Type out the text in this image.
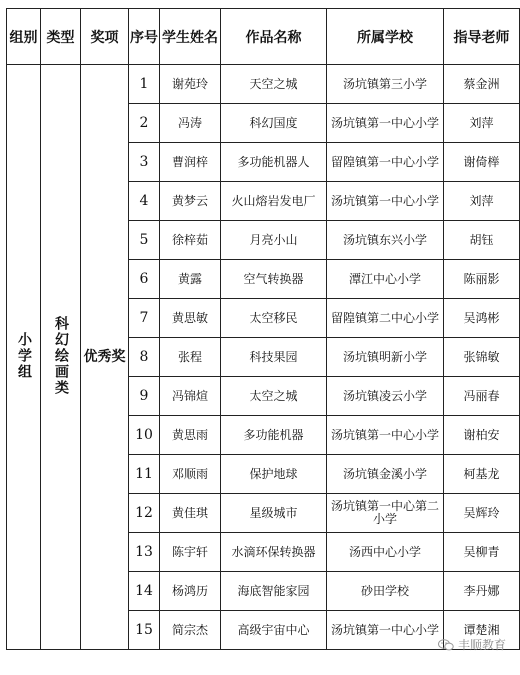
组别	类型	奖项	序号	学生姓名	作品名称	所属学校	指导老师
小学组	科幻绘画类	优秀奖	1	谢苑玲	天空之城	汤坑镇第三小学	蔡金洲
			2	冯涛	科幻国度	汤坑镇第一中心小学	刘萍
			3	曹润梓	多功能机器人	留隍镇第一中心小学	谢倚榉
			4	黄梦云	火山熔岩发电厂	汤坑镇第一中心小学	刘萍
			5	徐梓茹	月亮小山	汤坑镇东兴小学	胡钰
			6	黄露	空气转换器	潭江中心小学	陈丽影
			7	黄思敏	太空移民	留隍镇第二中心小学	吴鸿彬
			8	张程	科技果园	汤坑镇明新小学	张锦敏
			9	冯锦煊	太空之城	汤坑镇凌云小学	冯丽春
			10	黄思雨	多功能机器	汤坑镇第一中心小学	谢柏安
			11	邓顺雨	保护地球	汤坑镇金溪小学	柯基龙
			12	黄佳琪	星级城市	汤坑镇第一中心第二小学	吴辉玲
			13	陈宇轩	水滴环保转换器	汤西中心小学	吴柳青
			14	杨鸿历	海底智能家园	砂田学校	李丹娜
			15	简宗杰	高级宇宙中心	汤坑镇第一中心小学	谭楚湘
丰顺教育
